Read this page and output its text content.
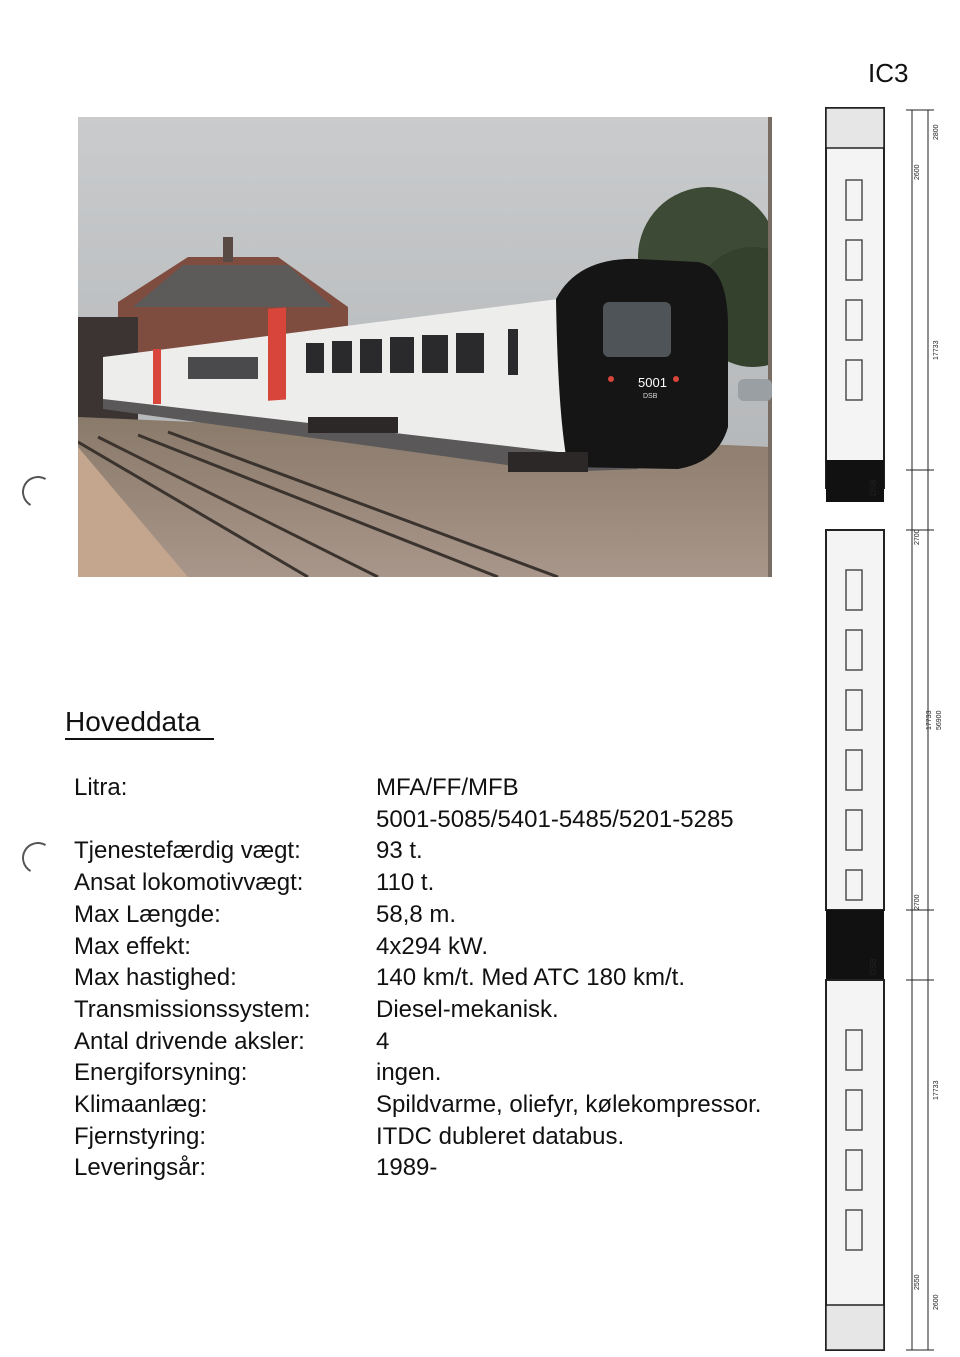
IC3
5001
DSB
Hoveddata
Litra:	MFA/FF/MFB
5001-5085/5401-5485/5201-5285
Tjenestefærdig vægt:	93 t.
Ansat lokomotivvægt:	110 t.
Max Længde:	58,8 m.
Max effekt:	4x294 kW.
Max hastighed:	140 km/t. Med ATC 180 km/t.
Transmissionssystem:	Diesel-mekanisk.
Antal drivende aksler:	4
Energiforsyning:	ingen.
Klimaanlæg:	Spildvarme, oliefyr, kølekompressor.
Fjernstyring:	ITDC dubleret databus.
Leveringsår:	1989-
DSB
DSB
2800
2600
17733
2700
17733 56900
2700
17733
2550
2600
